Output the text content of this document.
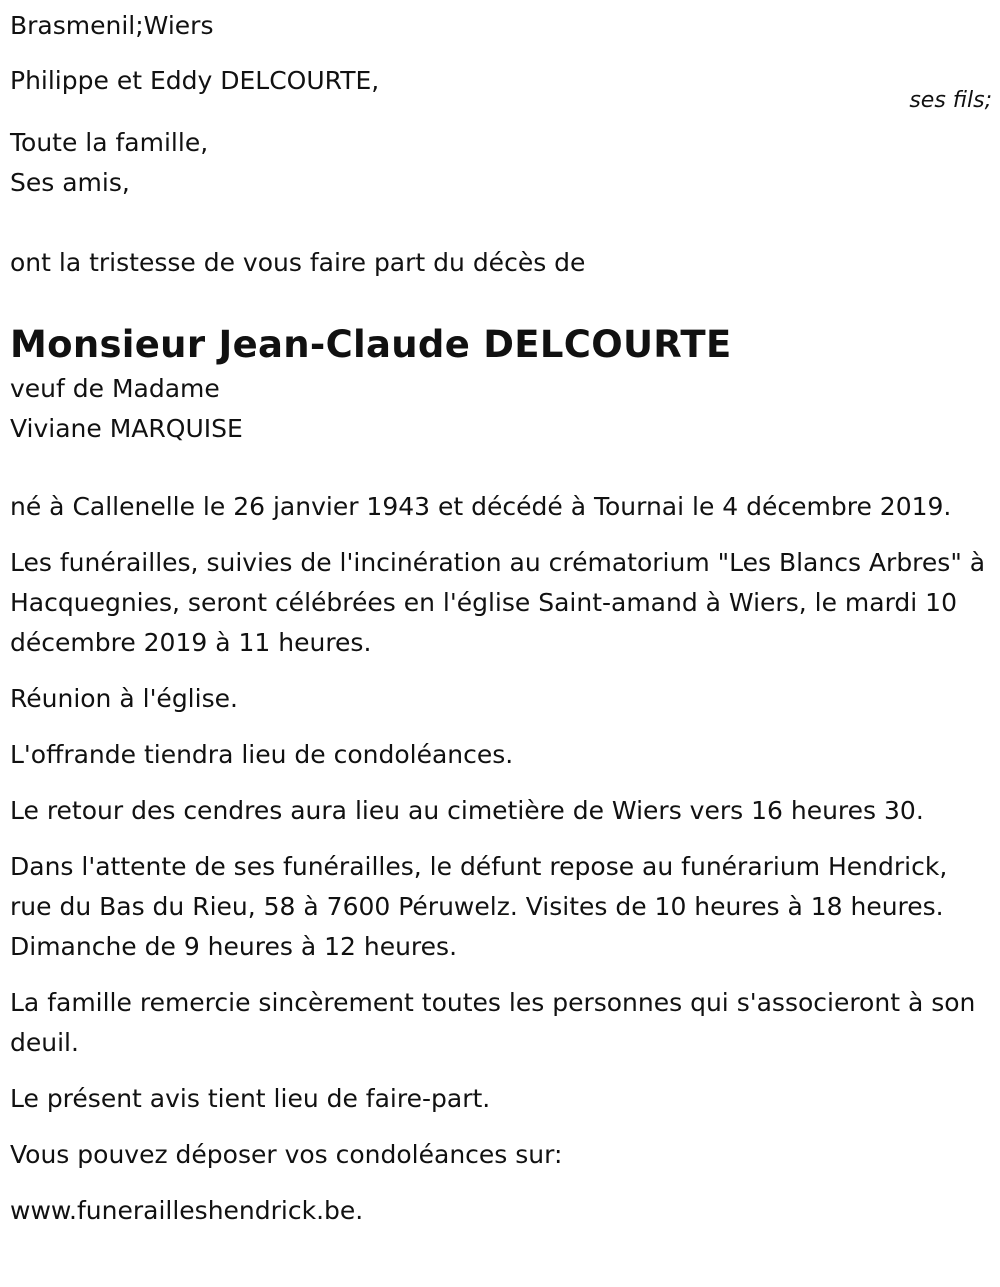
Brasmenil;Wiers

Philippe et Eddy DELCOURTE,

ses fils;

Toute la famille,

Ses amis,

ont la tristesse de vous faire part du décès de

Monsieur Jean-Claude DELCOURTE

veuf de Madame

Viviane MARQUISE

né à Callenelle le 26 janvier 1943 et décédé à Tournai le 4 décembre 2019.

Les funérailles, suivies de l'incinération au crématorium "Les Blancs Arbres" à Hacquegnies, seront célébrées en l'église Saint-amand à Wiers, le mardi 10 décembre 2019 à 11 heures.

Réunion à l'église.

L'offrande tiendra lieu de condoléances.

Le retour des cendres aura lieu au cimetière de Wiers vers 16 heures 30.

Dans l'attente de ses funérailles, le défunt repose au funérarium Hendrick, rue du Bas du Rieu, 58 à 7600 Péruwelz. Visites de 10 heures à 18 heures. Dimanche de 9 heures à 12 heures.

La famille remercie sincèrement toutes les personnes qui s'associeront à son deuil.

Le présent avis tient lieu de faire-part.

Vous pouvez déposer vos condoléances sur:

www.funerailleshendrick.be.
